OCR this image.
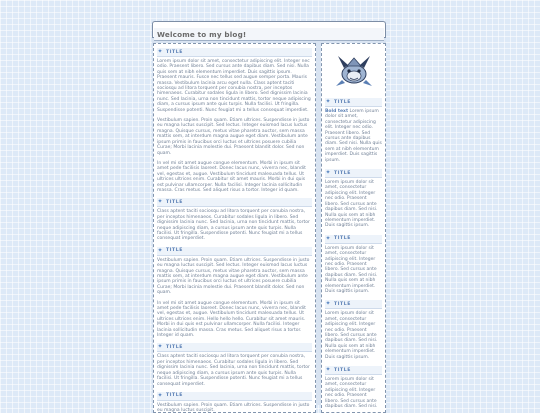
Welcome to my blog!
✦ TITLE

Lorem ipsum dolor sit amet, consectetur adipiscing elit. Integer nec odio. Praesent libero. Sed cursus ante dapibus diam. Sed nisi. Nulla quis sem at nibh elementum imperdiet. Duis sagittis ipsum. Praesent mauris. Fusce nec tellus sed augue semper porta. Mauris massa. Vestibulum lacinia arcu eget nulla. Class aptent taciti sociosqu ad litora torquent per conubia nostra, per inceptos himenaeos. Curabitur sodales ligula in libero. Sed dignissim lacinia nunc. Sed lacinia, urna non tincidunt mattis, tortor neque adipiscing diam, a cursus ipsum ante quis turpis. Nulla facilisi. Ut fringilla. Suspendisse potenti. Nunc feugiat mi a tellus consequat imperdiet.

Vestibulum sapien. Proin quam. Etiam ultrices. Suspendisse in justo eu magna luctus suscipit. Sed lectus. Integer euismod lacus luctus magna. Quisque cursus, metus vitae pharetra auctor, sem massa mattis sem, at interdum magna augue eget diam. Vestibulum ante ipsum primis in faucibus orci luctus et ultrices posuere cubilia Curae; Morbi lacinia molestie dui. Praesent blandit dolor. Sed non quam.

In vel mi sit amet augue congue elementum. Morbi in ipsum sit amet pede facilisis laoreet. Donec lacus nunc, viverra nec, blandit vel, egestas et, augue. Vestibulum tincidunt malesuada tellus. Ut ultrices ultrices enim. Curabitur sit amet mauris. Morbi in dui quis est pulvinar ullamcorper. Nulla facilisi. Integer lacinia sollicitudin massa. Cras metus. Sed aliquet risus a tortor. Integer id quam.

✦ TITLE

Class aptent taciti sociosqu ad litora torquent per conubia nostra, per inceptos himenaeos. Curabitur sodales ligula in libero. Sed dignissim lacinia nunc. Sed lacinia, urna non tincidunt mattis, tortor neque adipiscing diam, a cursus ipsum ante quis turpis. Nulla facilisi. Ut fringilla. Suspendisse potenti. Nunc feugiat mi a tellus consequat imperdiet.

✦ TITLE

Vestibulum sapien. Proin quam. Etiam ultrices. Suspendisse in justo eu magna luctus suscipit. Sed lectus. Integer euismod lacus luctus magna. Quisque cursus, metus vitae pharetra auctor, sem massa mattis sem, at interdum magna augue eget diam. Vestibulum ante ipsum primis in faucibus orci luctus et ultrices posuere cubilia Curae; Morbi lacinia molestie dui. Praesent blandit dolor. Sed non quam.

In vel mi sit amet augue congue elementum. Morbi in ipsum sit amet pede facilisis laoreet. Donec lacus nunc, viverra nec, blandit vel, egestas et, augue. Vestibulum tincidunt malesuada tellus. Ut ultrices ultrices enim. Hello hello hello. Curabitur sit amet mauris. Morbi in dui quis est pulvinar ullamcorper. Nulla facilisi. Integer lacinia sollicitudin massa. Cras metus. Sed aliquet risus a tortor. Integer id quam.

✦ TITLE

Class aptent taciti sociosqu ad litora torquent per conubia nostra, per inceptos himenaeos. Curabitur sodales ligula in libero. Sed dignissim lacinia nunc. Sed lacinia, urna non tincidunt mattis, tortor neque adipiscing diam, a cursus ipsum ante quis turpis. Nulla facilisi. Ut fringilla. Suspendisse potenti. Nunc feugiat mi a tellus consequat imperdiet.

✦ TITLE

Vestibulum sapien. Proin quam. Etiam ultrices. Suspendisse in justo eu magna luctus suscipit.

✦ TITLE

Bold text Lorem ipsum dolor sit amet, consectetur adipiscing elit. Integer nec odio. Praesent libero. Sed cursus ante dapibus diam. Sed nisi. Nulla quis sem at nibh elementum imperdiet. Duis sagittis ipsum.

✦ TITLE

Lorem ipsum dolor sit amet, consectetur adipiscing elit. Integer nec odio. Praesent libero. Sed cursus ante dapibus diam. Sed nisi. Nulla quis sem at nibh elementum imperdiet. Duis sagittis ipsum.

✦ TITLE

Lorem ipsum dolor sit amet, consectetur adipiscing elit. Integer nec odio. Praesent libero. Sed cursus ante dapibus diam. Sed nisi. Nulla quis sem at nibh elementum imperdiet. Duis sagittis ipsum.

✦ TITLE

Lorem ipsum dolor sit amet, consectetur adipiscing elit. Integer nec odio. Praesent libero. Sed cursus ante dapibus diam. Sed nisi. Nulla quis sem at nibh elementum imperdiet. Duis sagittis ipsum.

✦ TITLE

Lorem ipsum dolor sit amet, consectetur adipiscing elit. Integer nec odio. Praesent libero. Sed cursus ante dapibus diam. Sed nisi.
